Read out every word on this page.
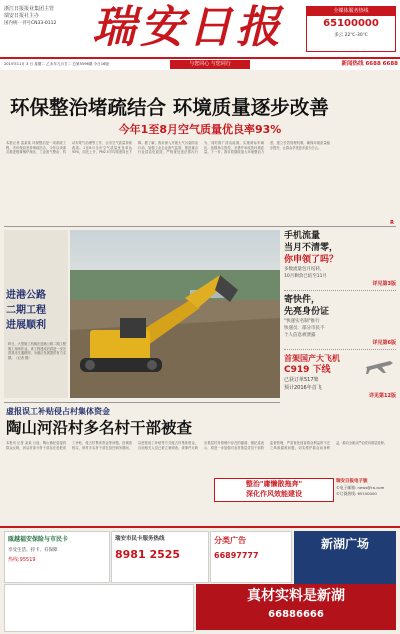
浙江日报报业集团主管
瑞安日报社主办
国内统一刊号CN33-0112 瑞安日报	全媒体服务热线
65100000
多云 22℃-30℃
2015年11月 3 日 星期二 乙未年九月廿二 总第5596期 今日16版	与您同心 与您同行	新闻热线 6688 6688
环保整治堵疏结合 环境质量逐步改善
今年1至8月空气质量优良率93%
本报记者 雷某某 环保整治是一项系统工程，市环保局坚持堵疏结合，今年以来重点推进燃煤锅炉淘汰、工业废气整治、机动车尾气治理等工作，全市空气质量持续改善。1至8月全市空气质量优良率达93%，同比上升，PM2.5平均浓度同比下降。据了解，我市深入开展大气污染防治行动，加强工业企业废气监管，推进重点行业清洁化改造，严格查处违法排污行为，同时推广清洁能源，实施黄标车淘汰，加强扬尘管控，多措并举改善环境质量。下一步，我市将继续加大环境整治力度，建立长效管理机制，确保环境质量稳步提升，让群众享受更多蓝天白云。
R
进港公路
二期工程
进展顺利
昨日，大型施工机械在进港公路二期工程施工现场作业。该工程建成后将进一步完善我市交通路网，为港区发展提供有力支撑。（记者 摄）
手机流量
当月不清零，
你申领了吗？
多数流量包月结转，
10月剩余已结至11月
详见第3版
寄快件，
先亮身份证
"快递实名制"推行
快递员：部分市民不
个人信息被泄露
详见第6版
首架国产大飞机
C919 下线
已获订单517架
预计2016年首飞
详见第12版
虚报误工补贴侵占村集体资金
陶山河沿村多名村干部被查
本报讯 记者 某某 日前，陶山镇纪委接到群众反映，河沿村部分村干部存在虚报误工补贴、侵占村集体资金等问题。经调查核实，该村多名村干部在担任职务期间，以虚报误工补贴等方式侵占村集体资金，目前相关人员已被立案调查。该事件反映出基层村务管理中存在的漏洞，镇纪委表示，将进一步加强对农村基层党员干部的监督管理，严肃查处侵害群众利益的不正之风和腐败问题，切实维护群众切身利益，推动全面从严治党向基层延伸。
整治"庸懒散拖奔"
深化作风效能建设
瑞安日报电子版
©电子邮箱: news@ra.com
©订阅热线: 65100000
瓯越福安保险与市民卡
享受生活、持卡、有保障
热线:95519
瑞安市民卡服务热线
8981 2525
分类广告
66897777
新湖广场
真材实料是新湖
66886666
